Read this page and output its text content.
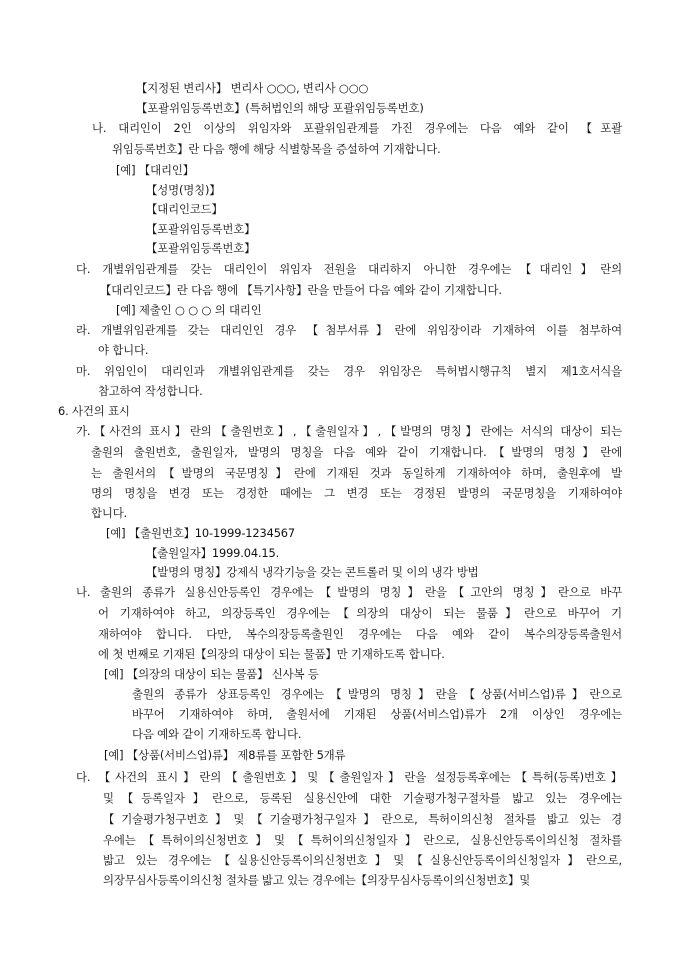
【지정된 변리사】 변리사 ○○○, 변리사 ○○○
【포괄위임등록번호】(특허법인의 해당 포괄위임등록번호)
나. 대리인이 2인 이상의 위임자와 포괄위임관계를 가진 경우에는 다음 예와 같이 【포괄
위임등록번호】란 다음 행에 해당 식별항목을 증설하여 기재합니다.
[예] 【대리인】
【성명(명칭)】
【대리인코드】
【포괄위임등록번호】
【포괄위임등록번호】
다. 개별위임관계를 갖는 대리인이 위임자 전원을 대리하지 아니한 경우에는【대리인】란의
【대리인코드】란 다음 행에 【특기사항】란을 만들어 다음 예와 같이 기재합니다.
[예] 제출인 ○ ○ ○ 의 대리인
라. 개별위임관계를 갖는 대리인인 경우 【첨부서류】란에 위임장이라 기재하여 이를 첨부하여
야 합니다.
마. 위임인이 대리인과 개별위임관계를 갖는 경우 위임장은 특허법시행규칙 별지 제1호서식을
참고하여 작성합니다.
6. 사건의 표시
가.【사건의 표시】란의【출원번호】,【출원일자】,【발명의 명칭】란에는 서식의 대상이 되는
출원의 출원번호, 출원일자, 발명의 명칭을 다음 예와 같이 기재합니다.【발명의 명칭】란에
는 출원서의【발명의 국문명칭】란에 기재된 것과 동일하게 기재하여야 하며, 출원후에 발
명의 명칭을 변경 또는 경정한 때에는 그 변경 또는 경정된 발명의 국문명칭을 기재하여야
합니다.
[예] 【출원번호】10-1999-1234567
【출원일자】1999.04.15.
【발명의 명칭】강제식 냉각기능을 갖는 콘트롤러 및 이의 냉각 방법
나. 출원의 종류가 실용신안등록인 경우에는【발명의 명칭】란을【고안의 명칭】란으로 바꾸
어 기재하여야 하고, 의장등록인 경우에는【의장의 대상이 되는 물품】란으로 바꾸어 기
재하여야 합니다. 다만, 복수의장등록출원인 경우에는 다음 예와 같이 복수의장등록출원서
에 첫 번째로 기재된【의장의 대상이 되는 물품】만 기재하도록 합니다.
[예] 【의장의 대상이 되는 물품】 신사복 등
출원의 종류가 상표등록인 경우에는【발명의 명칭】란을【상품(서비스업)류】란으로
바꾸어 기재하여야 하며, 출원서에 기재된 상품(서비스업)류가 2개 이상인 경우에는
다음 예와 같이 기재하도록 합니다.
[예] 【상품(서비스업)류】 제8류를 포함한 5개류
다. 【사건의 표시】란의【출원번호】및【출원일자】란을 설정등록후에는【특허(등록)번호】
및【등록일자】란으로, 등록된 실용신안에 대한 기술평가청구절차를 밟고 있는 경우에는
【기술평가청구번호】및【기술평가청구일자】란으로, 특허이의신청 절차를 밟고 있는 경
우에는【특허이의신청번호】및【특허이의신청일자】란으로, 실용신안등록이의신청 절차를
밟고 있는 경우에는【실용신안등록이의신청번호】및【실용신안등록이의신청일자】란으로,
의장무심사등록이의신청 절차를 밟고 있는 경우에는【의장무심사등록이의신청번호】및
